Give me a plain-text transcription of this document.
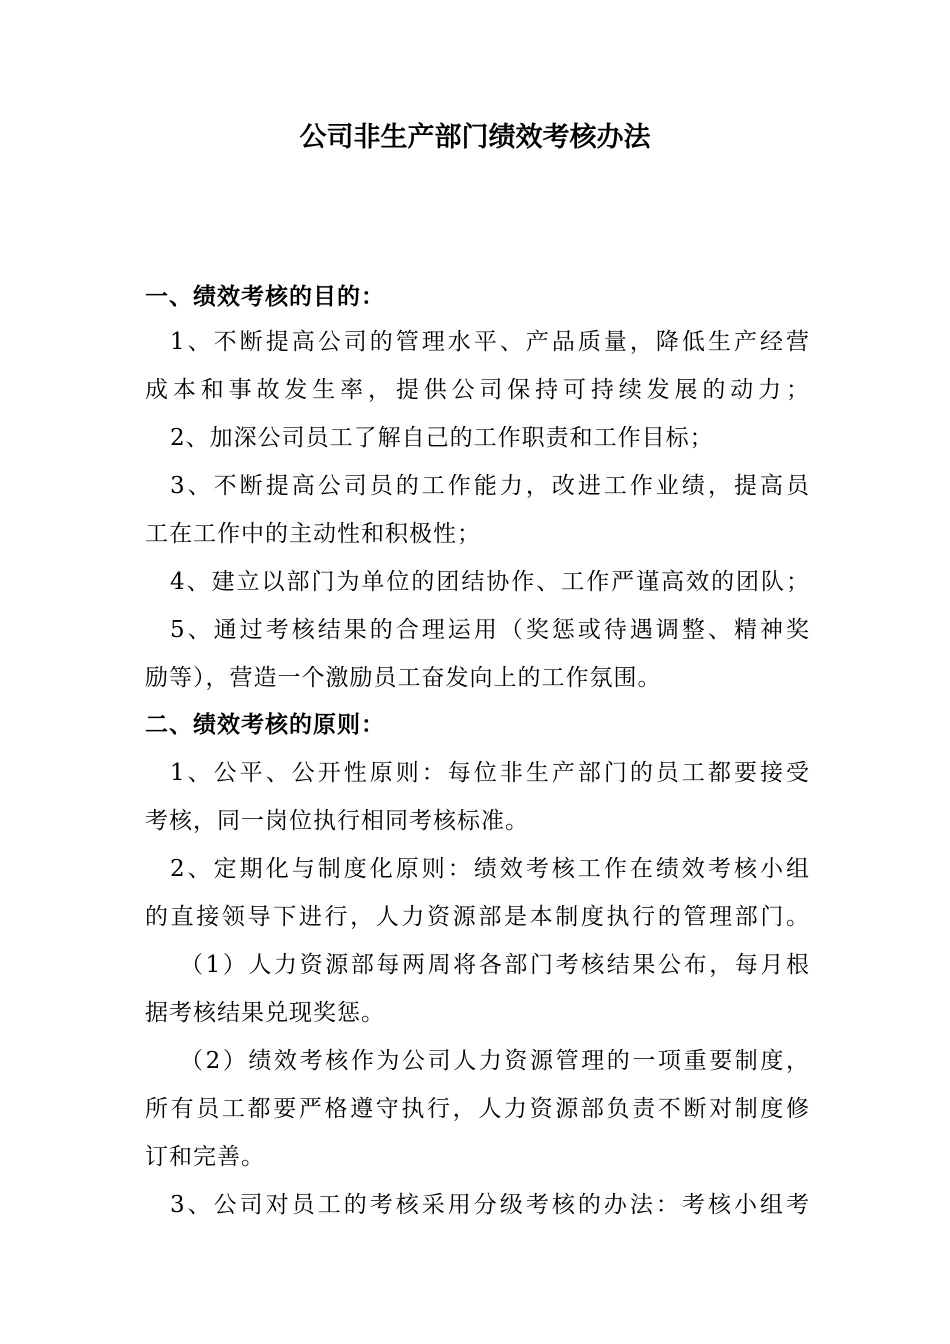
公司非生产部门绩效考核办法

一、绩效考核的目的：

1、不断提高公司的管理水平、产品质量，降低生产经营

成本和事故发生率，提供公司保持可持续发展的动力；

2、加深公司员工了解自己的工作职责和工作目标；

3、不断提高公司员的工作能力，改进工作业绩，提高员

工在工作中的主动性和积极性；

4、建立以部门为单位的团结协作、工作严谨高效的团队；

5、通过考核结果的合理运用（奖惩或待遇调整、精神奖

励等），营造一个激励员工奋发向上的工作氛围。

二、绩效考核的原则：

1、公平、公开性原则：每位非生产部门的员工都要接受

考核，同一岗位执行相同考核标准。

2、定期化与制度化原则：绩效考核工作在绩效考核小组

的直接领导下进行，人力资源部是本制度执行的管理部门。

（1）人力资源部每两周将各部门考核结果公布，每月根

据考核结果兑现奖惩。

（2）绩效考核作为公司人力资源管理的一项重要制度，

所有员工都要严格遵守执行，人力资源部负责不断对制度修

订和完善。

3、公司对员工的考核采用分级考核的办法：考核小组考
